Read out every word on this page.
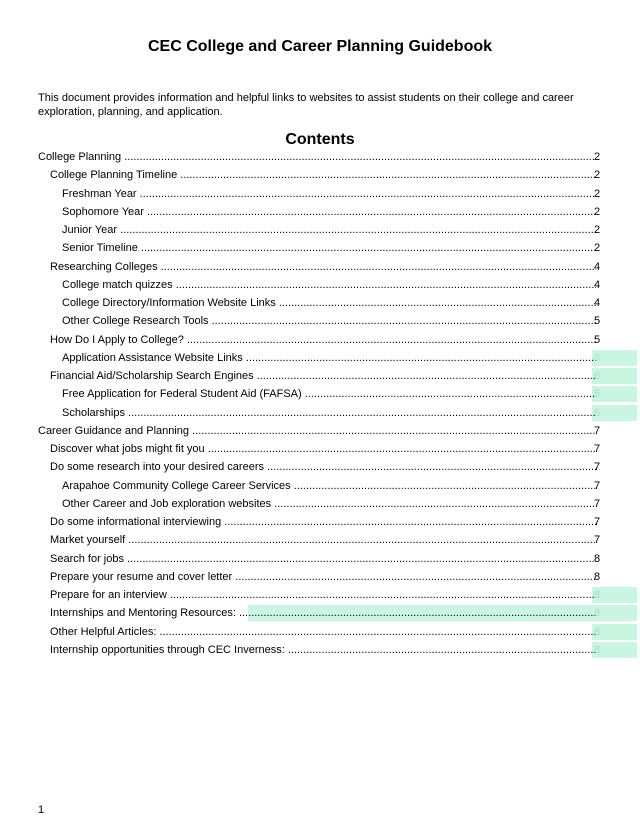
CEC College and Career Planning Guidebook
This document provides information and helpful links to websites to assist students on their college and career exploration, planning, and application.
Contents
College Planning .....	2
College Planning Timeline .....	2
Freshman Year .....	2
Sophomore Year .....	2
Junior Year .....	2
Senior Timeline .....	2
Researching Colleges .....	4
College match quizzes .....	4
College Directory/Information Website Links .....	4
Other College Research Tools .....	5
How Do I Apply to College? .....	5
Application Assistance Website Links .....	6
Financial Aid/Scholarship Search Engines .....	6
Free Application for Federal Student Aid (FAFSA) .....	6
Scholarships .....	6
Career Guidance and Planning .....	7
Discover what jobs might fit you .....	7
Do some research into your desired careers .....	7
Arapahoe Community College Career Services .....	7
Other Career and Job exploration websites .....	7
Do some informational interviewing .....	7
Market yourself .....	7
Search for jobs .....	8
Prepare your resume and cover letter .....	8
Prepare for an interview .....	8
Internships and Mentoring Resources: .....	8
Other Helpful Articles: .....	8
Internship opportunities through CEC Inverness: .....	8
1
